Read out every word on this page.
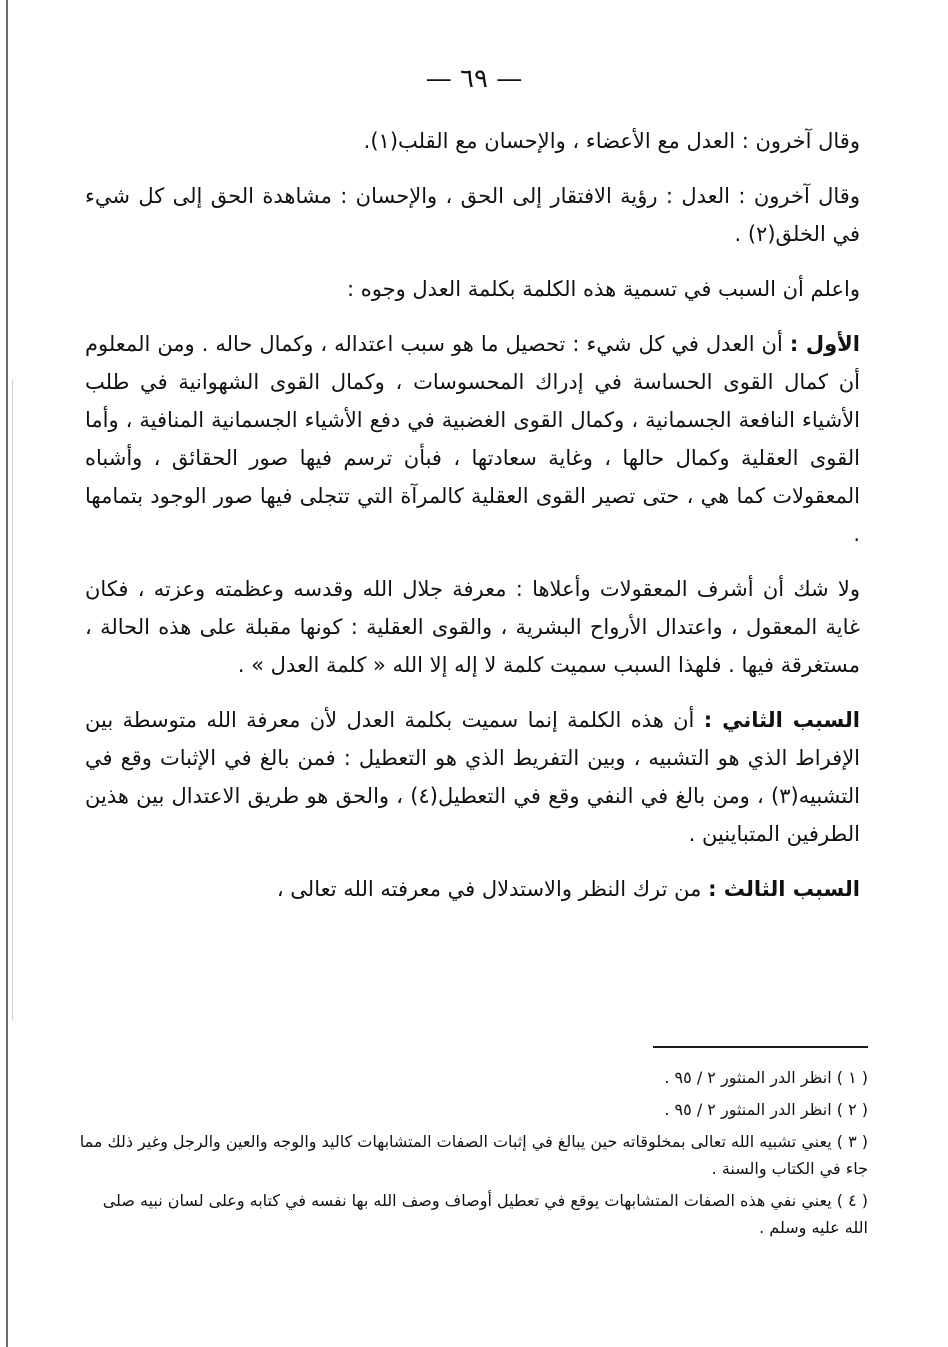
— ٦٩ —

وقال آخرون : العدل مع الأعضاء ، والإحسان مع القلب(١).

وقال آخرون : العدل : رؤية الافتقار إلى الحق ، والإحسان : مشاهدة الحق إلى كل شيء في الخلق(٢) .

واعلم أن السبب في تسمية هذه الكلمة بكلمة العدل وجوه :

الأول : أن العدل في كل شيء : تحصيل ما هو سبب اعتداله ، وكمال حاله . ومن المعلوم أن كمال القوى الحساسة في إدراك المحسوسات ، وكمال القوى الشهوانية في طلب الأشياء النافعة الجسمانية ، وكمال القوى الغضبية في دفع الأشياء الجسمانية المنافية ، وأما القوى العقلية وكمال حالها ، وغاية سعادتها ، فبأن ترسم فيها صور الحقائق ، وأشباه المعقولات كما هي ، حتى تصير القوى العقلية كالمرآة التي تتجلى فيها صور الوجود بتمامها .

ولا شك أن أشرف المعقولات وأعلاها : معرفة جلال الله وقدسه وعظمته وعزته ، فكان غاية المعقول ، واعتدال الأرواح البشرية ، والقوى العقلية : كونها مقبلة على هذه الحالة ، مستغرقة فيها . فلهذا السبب سميت كلمة لا إله إلا الله « كلمة العدل » .

السبب الثاني : أن هذه الكلمة إنما سميت بكلمة العدل لأن معرفة الله متوسطة بين الإفراط الذي هو التشبيه ، وبين التفريط الذي هو التعطيل : فمن بالغ في الإثبات وقع في التشبيه(٣) ، ومن بالغ في النفي وقع في التعطيل(٤) ، والحق هو طريق الاعتدال بين هذين الطرفين المتباينين .

السبب الثالث : من ترك النظر والاستدلال في معرفته الله تعالى ،

( ١ ) انظر الدر المنثور ٢ / ٩٥ .

( ٢ ) انظر الدر المنثور ٢ / ٩٥ .

( ٣ ) يعني تشبيه الله تعالى بمخلوقاته حين يبالغ في إثبات الصفات المتشابهات كاليد والوجه والعين والرجل وغير ذلك مما جاء في الكتاب والسنة .

( ٤ ) يعني نفي هذه الصفات المتشابهات يوقع في تعطيل أوصاف وصف الله بها نفسه في كتابه وعلى لسان نبيه صلى الله عليه وسلم .
